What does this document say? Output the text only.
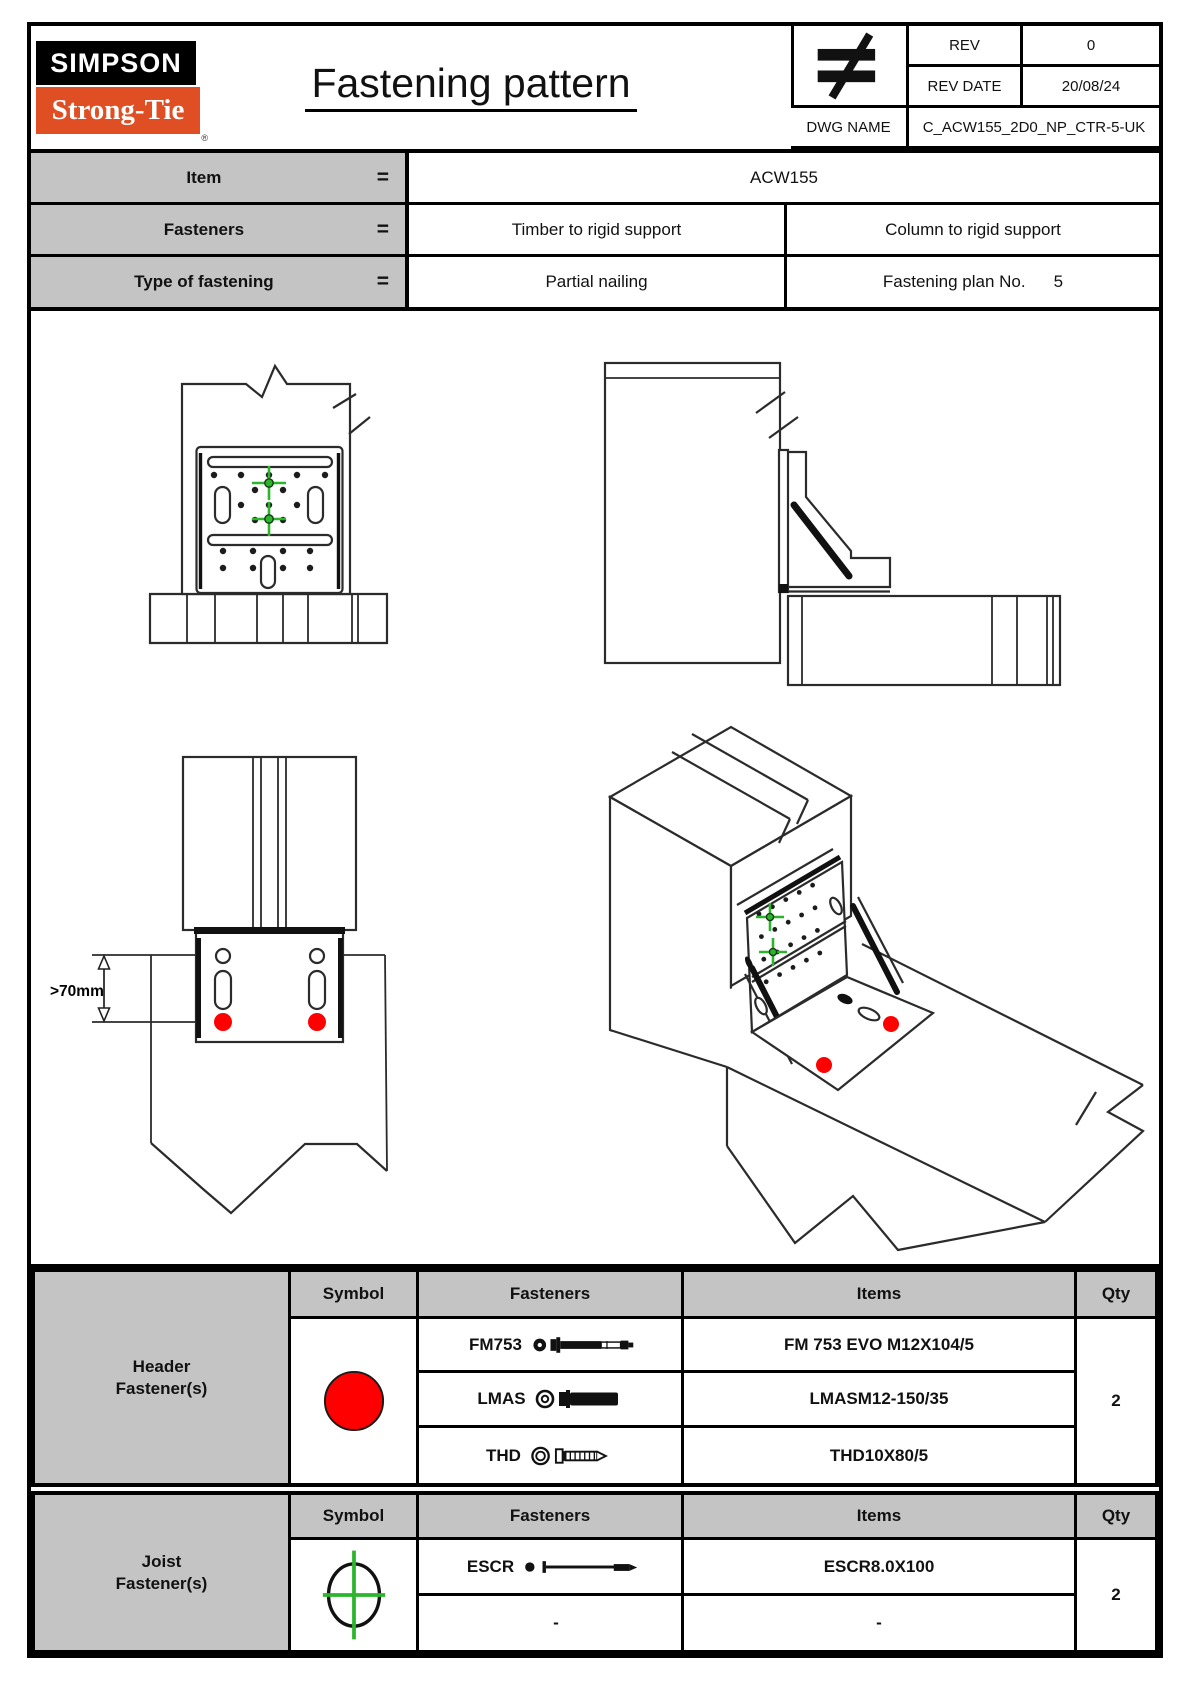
SIMPSON
Strong-Tie
®
Fastening pattern
REV	0
REV DATE	20/08/24
DWG NAME	C_ACW155_2D0_NP_CTR-5-UK
Item	=	ACW155
Fasteners	=	Timber to rigid support	Column to rigid support
Type of fastening	=	Partial nailing	Fastening plan No. 5
>70mm
Header
Fastener(s)
Symbol	Fasteners	Items	Qty
FM753	FM 753 EVO M12X104/5
LMAS	LMASM12-150/35
THD	THD10X80/5
2
Joist
Fastener(s)
Symbol	Fasteners	Items	Qty
ESCR	ESCR8.0X100
-	-
2
